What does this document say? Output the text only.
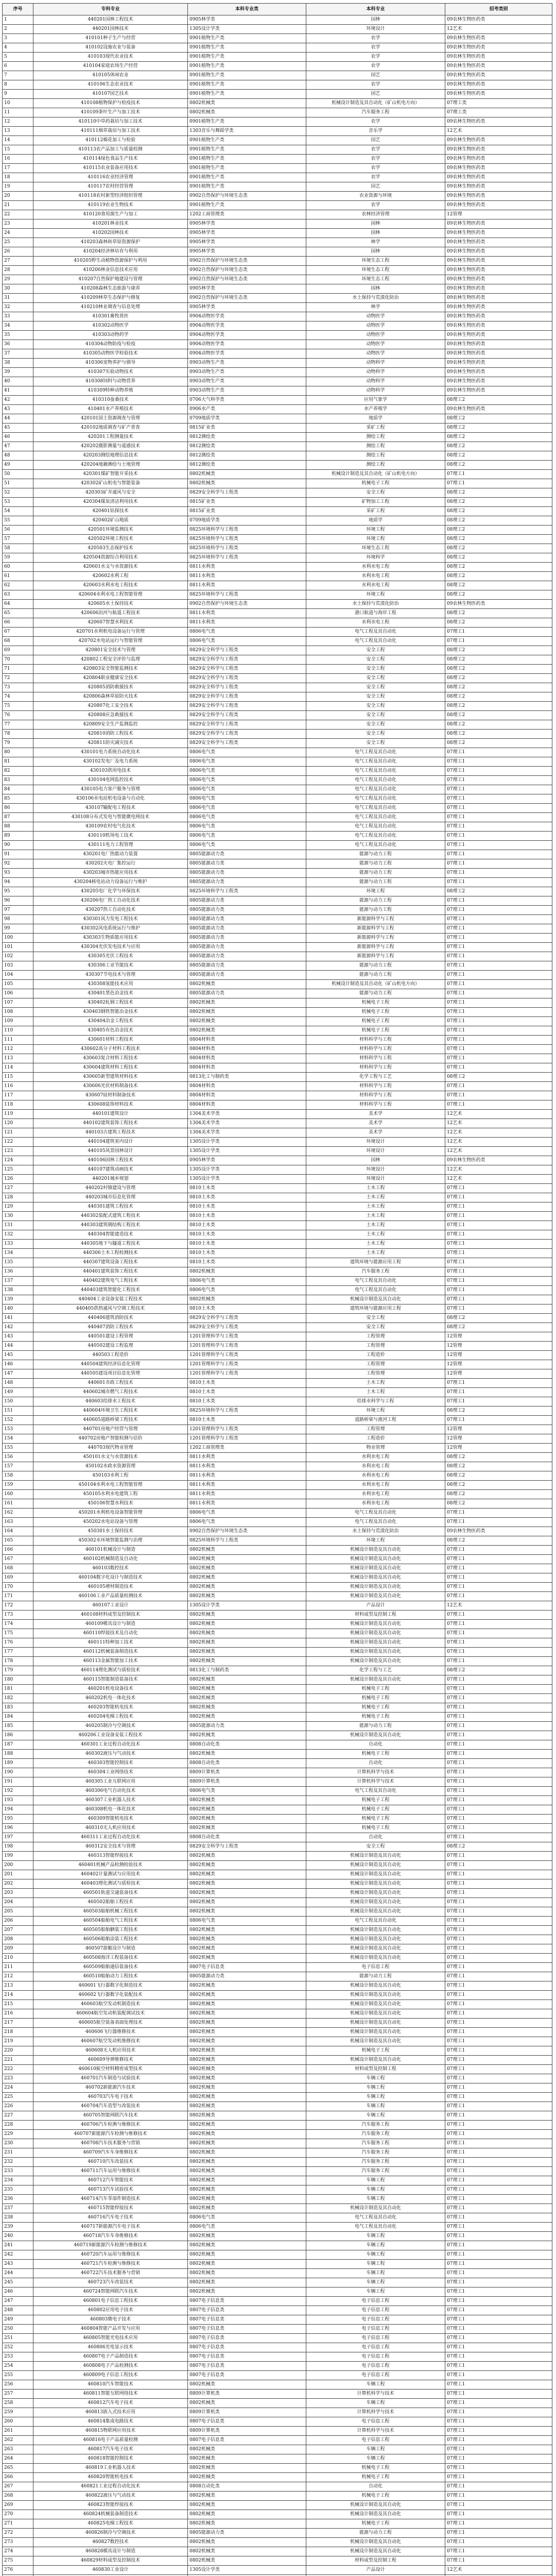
序号	专科专业	本科专业类	本科专业	招考类别
1	440201园林工程技术	0905林学类	园林	09农林生物医药类
2	440201园林技术	1305设计学类	环境设计	12艺术
3	410101种子生产与经营	0901植物生产类	农学	09农林生物医药类
4	410102设施农业与装备	0901植物生产类	农学	09农林生物医药类
5	410103现代农业技术	0901植物生产类	农学	09农林生物医药类
6	410104家庭农场生产经营	0901植物生产类	农学	09农林生物医药类
7	410105休闲农业	0901植物生产类	园艺	09农林生物医药类
8	410106生态农业技术	0901植物生产类	农学	09农林生物医药类
9	410107园艺技术	0901植物生产类	园艺	09农林生物医药类
10	410108植物保护与检疫技术	0802机械类	机械设计制造及其自动化（矿山机电方向）	07理工类
11	410109茶叶生产与加工技术	0802机械类	汽车服务工程	07理工类
12	410110中草药栽培与加工技术	0901植物生产类	农学	09农林生物医药类
13	410111烟草栽培与加工技术	1303音乐与舞蹈学类	音乐学	12艺术
14	410112棉花加工与检验	0901植物生产类	园艺	09农林生物医药类
15	410113农产品加工与质量检测	0901植物生产类	农学	09农林生物医药类
16	410114绿色食品生产技术	0901植物生产类	农学	09农林生物医药类
17	410115农业装备应用技术	0901植物生产类	农学	09农林生物医药类
18	410116农业经济管理	0901植物生产类	农学	09农林生物医药类
19	410117农村经营管理	0901植物生产类	园艺	09农林生物医药类
20	410118农村新型经济组织管理	0902自然保护与环境生态类	农业资源与环境	09农林生物医药类
21	410119农业生物技术	0901植物生产类	农学	09农林生物医药类
22	410120食用菌生产与加工	1202工商管理类	农林经济管理	12管理
23	410201林业技术	0905林学类	园林	09农林生物医药类
24	410202园林技术	0905林学类	园林	09农林生物医药类
25	410203森林和草原资源保护	0905林学类	林学	09农林生物医药类
26	410204经济林培育与利用	0905林学类	园林	09农林生物医药类
27	410205野生动植物资源保护与利用	0902自然保护与环境生态类	环境生态工程	09农林生物医药类
28	410206林业信息技术应用	0902自然保护与环境生态类	环境生态工程	09农林生物医药类
29	410207自然保护地建设与管理	0902自然保护与环境生态类	环境生态工程	09农林生物医药类
30	410208森林生态旅游与康养	0905林学类	园林	09农林生物医药类
31	410209林草生态保护与修复	0902自然保护与环境生态类	水土保持与荒漠化防治	09农林生物医药类
32	410210林业调查与信息处理	0905林学类	林学	09农林生物医药类
33	410301畜牧兽医	0904动物医学类	动物医学	09农林生物医药类
34	410302动物医学	0904动物医学类	动物医学	09农林生物医药类
35	410303动物药学	0904动物医学类	动物医学	09农林生物医药类
36	410304动物防疫与检疫	0904动物医学类	动物医学	09农林生物医药类
37	410305动物医学检验技术	0904动物医学类	动物医学	09农林生物医药类
38	410306宠物养护与驯导	0903动物生产类	动物科学	09农林生物医药类
39	410307实验动物技术	0903动物生产类	动物科学	09农林生物医药类
40	410308饲料与动物营养	0903动物生产类	动物科学	09农林生物医药类
41	410309特种动物养殖	0903动物生产类	动物科学	09农林生物医药类
42	410310蚕桑技术	0706大气科学类	应用气象学	08理工2
43	410401水产养殖技术	0906水产类	水产养殖学	09农林生物医药类
44	420101国土资源调查与管理	0709地质学类	地质学	08理工2
45	420102地质调查与矿产普查	0815矿业类	采矿工程	08理工2
46	420201工程测量技术	0812测绘类	测绘工程	08理工2
47	420202摄影测量与遥感技术	0812测绘类	测绘工程	08理工2
48	420203测绘地理信息技术	0812测绘类	测绘工程	08理工2
49	420204地籍测绘与土地管理	0812测绘类	测绘工程	08理工2
50	420301煤矿智能开采技术	0802机械类	机械设计制造及其自动化（矿山机电方向）	07理工1
51	420302矿山机电与智能装备	0802机械类	机械电子工程	07理工1
52	420303矿井通风与安全	0829安全科学与工程类	安全工程	08理工2
53	420304煤炭清洁利用技术	0815矿业类	矿物加工工程	08理工2
54	420401钻探技术	0815矿业类	采矿工程	08理工2
55	420402矿山地质	0709地质学类	地质学	08理工2
56	420501环境监测技术	0825环境科学与工程类	环境工程	08理工2
57	420502环境工程技术	0825环境科学与工程类	环境工程	08理工2
58	420503生态保护技术	0825环境科学与工程类	环境生态工程	08理工2
59	420504资源综合利用技术	0825环境科学与工程类	环境科学	08理工2
60	420601水文与水资源技术	0811水利类	水利水电工程	08理工2
61	420602水利工程	0811水利类	水利水电工程	08理工2
62	420603水利水电工程技术	0811水利类	水利水电工程	08理工2
63	420604水利水电工程智能管理	0825环境科学与工程类	环境工程	08理工2
64	420605水土保持技术	0902自然保护与环境生态类	水土保持与荒漠化防治	09农林生物医药类
65	420606治河与航道工程技术	0811水利类	港口航道与海岸工程	08理工2
66	420607智慧水利技术	0811水利类	水利水电工程	08理工2
67	420701水利机电设备运行与管理	0806电气类	电气工程及其自动化	07理工1
68	420702水电站运行与智能管理	0806电气类	电气工程及其自动化	07理工1
69	420801安全技术与管理	0829安全科学与工程类	安全工程	08理工2
70	420802工程安全评价与监理	0829安全科学与工程类	安全工程	08理工2
71	420803安全智能监测技术	0829安全科学与工程类	安全工程	08理工2
72	420804职业健康安全技术	0829安全科学与工程类	安全工程	08理工2
73	420805消防救援技术	0829安全科学与工程类	安全工程	08理工2
74	420806森林草原防火技术	0829安全科学与工程类	安全工程	08理工2
75	420807化工安全技术	0829安全科学与工程类	安全工程	08理工2
76	420808应急救援技术	0829安全科学与工程类	安全工程	08理工2
77	420809安全生产监测监控	0829安全科学与工程类	安全工程	08理工2
78	420810消防工程技术	0829安全科学与工程类	安全工程	08理工2
79	420811防灾减灾技术	0829安全科学与工程类	安全工程	08理工2
80	430101电力系统自动化技术	0806电气类	电气工程及其自动化	07理工1
81	430102发电厂及电力系统	0806电气类	电气工程及其自动化	07理工1
82	430103供用电技术	0806电气类	电气工程及其自动化	07理工1
83	430104电网监控技术	0806电气类	电气工程及其自动化	07理工1
84	430105电力客户服务与管理	0806电气类	电气工程及其自动化	07理工1
85	430106水电站机电设备与自动化	0806电气类	电气工程及其自动化	07理工1
86	430107输配电工程技术	0806电气类	电气工程及其自动化	07理工1
87	430108分布式发电与智能微电网技术	0806电气类	电气工程及其自动化	07理工1
88	430109农村电气化技术	0806电气类	电气工程及其自动化	07理工1
89	430110机场电工技术	0806电气类	电气工程及其自动化	07理工1
90	430111电力工程管理	0806电气类	电气工程及其自动化	07理工1
91	430201电厂热能动力装置	0805能源动力类	能源与动力工程	07理工1
92	430202火电厂集控运行	0805能源动力类	能源与动力工程	07理工1
93	430203城市热能应用技术	0805能源动力类	能源与动力工程	07理工1
94	430204核电站动力设备运行与维护	0805能源动力类	能源与动力工程	07理工1
95	430205电厂化学与环保技术	0825环境科学与工程类	环境工程	08理工2
96	430206电厂热工自动化技术	0805能源动力类	能源与动力工程	07理工1
97	430207热工自动化技术	0805能源动力类	能源与动力工程	07理工1
98	430301风力发电工程技术	0805能源动力类	新能源科学与工程	07理工1
99	430302风电系统运行与维护	0805能源动力类	新能源科学与工程	07理工1
100	430303生物质能应用技术	0805能源动力类	新能源科学与工程	07理工1
101	430304光伏发电技术与应用	0805能源动力类	新能源科学与工程	07理工1
102	430305光伏工程技术	0805能源动力类	新能源科学与工程	07理工1
103	430306工业节能技术	0805能源动力类	能源与动力工程	07理工1
104	430307节电技术与管理	0805能源动力类	能源与动力工程	07理工1
105	430308氢能技术应用	0802机械类	机械设计制造及其自动化（矿山机电方向）	07理工1
106	430401黑色冶金技术	0805能源动力类	能源与动力工程	07理工1
107	430402轧钢工程技术	0802机械类	机械电子工程	07理工1
108	430403钢铁智能冶金技术	0802机械类	机械电子工程	07理工1
109	430404冶金工程技术	0802机械类	机械电子工程	07理工1
110	430405有色冶金技术	0802机械类	机械电子工程	07理工1
111	430601材料工程技术	0804材料类	材料科学与工程	07理工1
112	430602高分子材料工程技术	0804材料类	材料科学与工程	07理工1
113	430603复合材料工程技术	0804材料类	材料科学与工程	07理工1
114	430604建筑材料工程技术	0804材料类	材料科学与工程	07理工1
115	430605新型建筑材料技术	0813化工与制药类	化学工程与工艺	08理工2
116	430606光伏材料制备技术	0804材料类	材料科学与工程	07理工1
117	430607硅材料制备技术	0804材料类	材料科学与工程	07理工1
118	430608装饰材料技术	0804材料类	材料科学与工程	07理工1
119	440101建筑设计	1304美术学类	美术学	12艺术
120	440102建筑装饰工程技术	1304美术学类	美术学	12艺术
121	440103古建筑工程技术	1304美术学类	美术学	12艺术
122	440104建筑室内设计	1305设计学类	环境设计	12艺术
123	440105风景园林设计	1305设计学类	环境设计	12艺术
124	440106园林工程技术	0905林学类	园林	09农林生物医药类
125	440107建筑动画技术	1305设计学类	环境设计	12艺术
126	440201城乡规划	1305设计学类	环境设计	12艺术
127	440202村镇建设与管理	0810土木类	土木工程	07理工1
128	440203城市信息化管理	0810土木类	土木工程	07理工1
129	440301建筑工程技术	0810土木类	土木工程	07理工1
130	440302装配式建筑工程技术	0810土木类	土木工程	07理工1
131	440303建筑钢结构工程技术	0810土木类	土木工程	07理工1
132	440304智能建造技术	0810土木类	土木工程	07理工1
133	440305地下与隧道工程技术	0810土木类	土木工程	07理工1
134	440306土木工程检测技术	0810土木类	土木工程	07理工1
135	440307建筑设备工程技术	0810土木类	建筑环境与能源应用工程	07理工1
136	440401建筑装饰工程技术	0802机械类	汽车服务工程	07理工1
137	440402建筑电气工程技术	0806电气类	电气工程及其自动化	07理工1
138	440403建筑智能化工程技术	0806电气类	电气工程及其自动化	07理工1
139	440404工业设备安装工程技术	0802机械类	机械设计制造及其自动化	07理工1
140	440405供热通风与空调工程技术	0810土木类	建筑环境与能源应用工程	07理工1
141	440406建筑消防技术	0829安全科学与工程类	安全工程	08理工2
142	440407消防工程技术	0829安全科学与工程类	安全工程	08理工2
143	440501建设工程管理	1201管理科学与工程类	工程管理	12管理
144	440502建设工程监理	1201管理科学与工程类	工程管理	12管理
145	440503工程造价	1201管理科学与工程类	工程造价	12管理
146	440504建筑经济信息化管理	1201管理科学与工程类	工程管理	12管理
147	440505建设项目信息化管理	1201管理科学与工程类	工程管理	12管理
148	440601市政工程技术	0810土木类	土木工程	07理工1
149	440602城市燃气工程技术	0810土木类	土木工程	07理工1
150	440603给排水工程技术	0810土木类	给排水科学与工程	07理工1
151	440604环境卫生工程技术	0825环境科学与工程类	环境工程	08理工2
152	440605道路桥梁工程技术	0810土木类	道路桥梁与渡河工程	07理工1
153	440701房地产经营与管理	1201管理科学与工程类	工程管理	12管理
154	440702房地产智能检测与估价	1201管理科学与工程类	工程造价	12管理
155	440703现代物业管理	1202工商管理类	物业管理	12管理
156	450101水文与水资源技术	0811水利类	水利水电工程	08理工2
157	450102水政水资源管理	0811水利类	水利水电工程	08理工2
158	450103水利工程	0811水利类	水利水电工程	08理工2
159	450104水利水电工程智能管理	0811水利类	水利水电工程	08理工2
160	450105水利水电建筑工程	0811水利类	水利水电工程	08理工2
161	450106智慧水利技术	0811水利类	水利水电工程	08理工2
162	450201水利机电设备智能管理	0806电气类	电气工程及其自动化	07理工1
163	450202水电站设备与管理	0806电气类	电气工程及其自动化	07理工1
164	450301水土保持技术	0902自然保护与环境生态类	水土保持与荒漠化防治	09农林生物医药类
165	450302水环境智能监测与治理	0825环境科学与工程类	环境工程	08理工2
166	460101机械设计与制造	0802机械类	机械设计制造及其自动化	07理工1
167	460102机械制造及自动化	0802机械类	机械设计制造及其自动化	07理工1
168	460103数控技术	0802机械类	机械设计制造及其自动化	07理工1
169	460104数字化设计与制造技术	0802机械类	机械设计制造及其自动化	07理工1
170	460105增材制造技术	0802机械类	机械设计制造及其自动化	07理工1
171	460106工业产品质量检测技术	0802机械类	机械设计制造及其自动化	07理工1
172	460107工业设计	1305设计学类	产品设计	12艺术
173	460108材料成型及控制技术	0802机械类	材料成型及控制工程	07理工1
174	460109模具设计与制造	0802机械类	机械设计制造及其自动化	07理工1
175	460110焊接技术及自动化	0802机械类	机械设计制造及其自动化	07理工1
176	460111特种加工技术	0802机械类	机械设计制造及其自动化	07理工1
177	460112机械装备制造技术	0802机械类	机械设计制造及其自动化	07理工1
178	460113金属智能加工技术	0802机械类	机械设计制造及其自动化	07理工1
179	460114理化测试与质检技术	0813化工与制药类	化学工程与工艺	08理工2
180	460115智能制造装备技术	0802机械类	机械设计制造及其自动化	07理工1
181	460201机电设备技术	0802机械类	机械电子工程	07理工1
182	460202机电一体化技术	0802机械类	机械电子工程	07理工1
183	460203智能机电技术	0802机械类	机械电子工程	07理工1
184	460204电梯工程技术	0802机械类	机械电子工程	07理工1
185	460205制冷与空调技术	0805能源动力类	能源与动力工程	07理工1
186	460206工业设备安装工程技术	0802机械类	机械设计制造及其自动化	07理工1
187	460301工业过程自动化技术	0808自动化类	自动化	07理工1
188	460302液压与气动技术	0802机械类	机械电子工程	07理工1
189	460303智能控制技术	0808自动化类	自动化	07理工1
190	460304工业网络技术	0809计算机类	计算机科学与技术	07理工1
191	460305工业互联网应用	0809计算机类	计算机科学与技术	07理工1
192	460306电气自动化技术	0806电气类	电气工程及其自动化	07理工1
193	460307工业机器人技术	0802机械类	机械电子工程	07理工1
194	460308机电一体化技术	0802机械类	机械电子工程	07理工1
195	460309智能机电技术	0802机械类	机械电子工程	07理工1
196	460310无人机应用技术	0802机械类	机械电子工程	07理工1
197	460311工业过程自动化技术	0808自动化类	自动化	07理工1
198	460312安全技术与管理	0829安全科学与工程类	安全工程	08理工2
199	460313智能焊接技术	0802机械类	机械设计制造及其自动化	07理工1
200	460401机械产品检测检验技术	0802机械类	机械设计制造及其自动化	07理工1
201	460402计量测试与应用技术	0802机械类	机械设计制造及其自动化	07理工1
202	460403理化测试与质检技术	0802机械类	机械设计制造及其自动化	07理工1
203	460501轨道交通装备技术	0802机械类	机械设计制造及其自动化	07理工1
204	460502船舶工程技术	0802机械类	机械设计制造及其自动化	07理工1
205	460503船舶机械工程技术	0802机械类	机械设计制造及其自动化	07理工1
206	460504船舶电气工程技术	0806电气类	电气工程及其自动化	07理工1
207	460505船舶舾装工程技术	0802机械类	机械设计制造及其自动化	07理工1
208	460506船舶涂装工程技术	0802机械类	机械设计制造及其自动化	07理工1
209	460507游艇设计与制造	0802机械类	机械设计制造及其自动化	07理工1
210	460508海洋工程装备技术	0802机械类	机械设计制造及其自动化	07理工1
211	460509船舶通信装备技术	0807电子信息类	电子信息工程	07理工1
212	460510船舶动力工程技术	0805能源动力类	能源与动力工程	07理工1
213	460601飞行器数字化制造技术	0802机械类	机械设计制造及其自动化	07理工1
214	460602飞行器数字化装配技术	0802机械类	机械设计制造及其自动化	07理工1
215	460603航空发动机制造技术	0802机械类	机械设计制造及其自动化	07理工1
216	460604航空发动机装配调试技术	0802机械类	机械设计制造及其自动化	07理工1
217	460605航空装备表面处理技术	0802机械类	机械设计制造及其自动化	07理工1
218	460606飞行器维修技术	0802机械类	机械设计制造及其自动化	07理工1
219	460607航空发动机维修技术	0802机械类	机械设计制造及其自动化	07理工1
220	460608无人机应用技术	0802机械类	机械电子工程	07理工1
221	460609导弹维修技术	0802机械类	机械设计制造及其自动化	07理工1
222	460610航空材料精密成型技术	0802机械类	材料成型及控制工程	07理工1
223	460701汽车制造与试验技术	0802机械类	车辆工程	07理工1
224	460702新能源汽车技术	0802机械类	车辆工程	07理工1
225	460703汽车电子技术	0802机械类	车辆工程	07理工1
226	460704汽车造型与改装技术	0802机械类	车辆工程	07理工1
227	460705智能网联汽车技术	0802机械类	车辆工程	07理工1
228	460706汽车检测与维修技术	0802机械类	汽车服务工程	07理工1
229	460707新能源汽车检测与维修技术	0802机械类	汽车服务工程	07理工1
230	460708汽车技术服务与营销	0802机械类	汽车服务工程	07理工1
231	460709汽车车身维修技术	0802机械类	汽车服务工程	07理工1
232	460710汽车改装技术	0802机械类	汽车服务工程	07理工1
233	460711汽车运用与维修技术	0802机械类	汽车服务工程	07理工1
234	460712汽车智能技术	0802机械类	车辆工程	07理工1
235	460713汽车试验技术	0802机械类	车辆工程	07理工1
236	460714汽车零部件制造技术	0802机械类	车辆工程	07理工1
237	460715智能焊接技术	0802机械类	机械设计制造及其自动化	07理工1
238	460716汽车电子技术	0806电气类	电气工程及其自动化	07理工1
239	460717新能源汽车电子技术	0806电气类	电气工程及其自动化	07理工1
240	460718汽车车身维修技术	0802机械类	车辆工程	07理工1
241	460719新能源汽车检测与维修技术	0802机械类	车辆工程	07理工1
242	460720汽车运用与维修技术	0802机械类	车辆工程	07理工1
243	460721汽车检测与维修技术	0802机械类	车辆工程	07理工1
244	460722汽车技术服务与营销	0802机械类	车辆工程	07理工1
245	460723汽车改装技术	0802机械类	车辆工程	07理工1
246	460724智能网联汽车技术	0802机械类	车辆工程	07理工1
247	460801电子信息工程技术	0807电子信息类	电子信息工程	07理工1
248	460802应用电子技术	0807电子信息类	电子信息工程	07理工1
249	460803微电子技术	0807电子信息类	电子信息工程	07理工1
250	460804智能产品开发与应用	0807电子信息类	电子信息工程	07理工1
251	460805智能光电技术应用	0807电子信息类	电子信息工程	07理工1
252	460806光电显示技术	0807电子信息类	电子信息工程	07理工1
253	460807电子产品制造技术	0807电子信息类	电子信息工程	07理工1
254	460808电子产品检测技术	0807电子信息类	电子信息工程	07理工1
255	460809电子信息工程技术	0807电子信息类	电子信息工程	07理工1
256	460810汽车智能技术	0802机械类	车辆工程	07理工1
257	460811智能互联网络技术	0809计算机类	计算机科学与技术	07理工1
258	460812汽车电子技术	0802机械类	车辆工程	07理工1
259	460813嵌入式技术应用	0809计算机类	计算机科学与技术	07理工1
260	460814集成电路技术	0807电子信息类	电子信息工程	07理工1
261	460815物联网应用技术	0809计算机类	计算机科学与技术	07理工1
262	460816电子产品质量检测	0807电子信息类	电子信息工程	07理工1
263	460817汽车电子技术	0802机械类	车辆工程	07理工1
264	460818智能控制技术	0802机械类	车辆工程	07理工1
265	460819工业机器人技术	0802机械类	机械电子工程	07理工1
266	460820智能机电技术	0802机械类	机械电子工程	07理工1
267	460821工业过程自动化技术	0808自动化类	自动化	07理工1
268	460822液压与气动技术	0802机械类	机械电子工程	07理工1
269	460823智能焊接技术	0802机械类	机械设计制造及其自动化	07理工1
270	460824机械装备制造技术	0802机械类	机械设计制造及其自动化	07理工1
271	460825电梯工程技术	0802机械类	机械电子工程	07理工1
272	460826制冷与空调技术	0805能源动力类	能源与动力工程	07理工1
273	460827数控技术	0802机械类	机械设计制造及其自动化	07理工1
274	460828模具设计与制造	0802机械类	机械设计制造及其自动化	07理工1
275	460829材料成型及控制技术	0802机械类	材料成型及控制工程	07理工1
276	460830工业设计	1305设计学类	产品设计	12艺术
